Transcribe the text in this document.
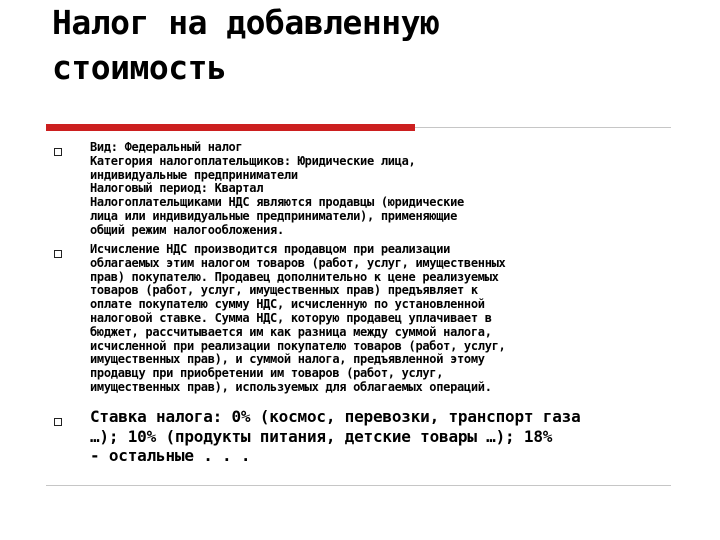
Налог на добавленную
стоимость
Вид: Федеральный налог
Категория налогоплательщиков: Юридические лица,
индивидуальные предприниматели
Налоговый период: Квартал
Налогоплательщиками НДС являются продавцы (юридические
лица или индивидуальные предприниматели), применяющие
общий режим налогообложения.
Исчисление НДС производится продавцом при реализации
облагаемых этим налогом товаров (работ, услуг, имущественных
прав) покупателю. Продавец дополнительно к цене реализуемых
товаров (работ, услуг, имущественных прав) предъявляет к
оплате покупателю сумму НДС, исчисленную по установленной
налоговой ставке. Сумма НДС, которую продавец уплачивает в
бюджет, рассчитывается им как разница между суммой налога,
исчисленной при реализации покупателю товаров (работ, услуг,
имущественных прав), и суммой налога, предъявленной этому
продавцу при приобретении им товаров (работ, услуг,
имущественных прав), используемых для облагаемых операций.
Ставка налога: 0% (космос, перевозки, транспорт газа
…); 10% (продукты питания, детские товары …); 18%
- остальные . . .
